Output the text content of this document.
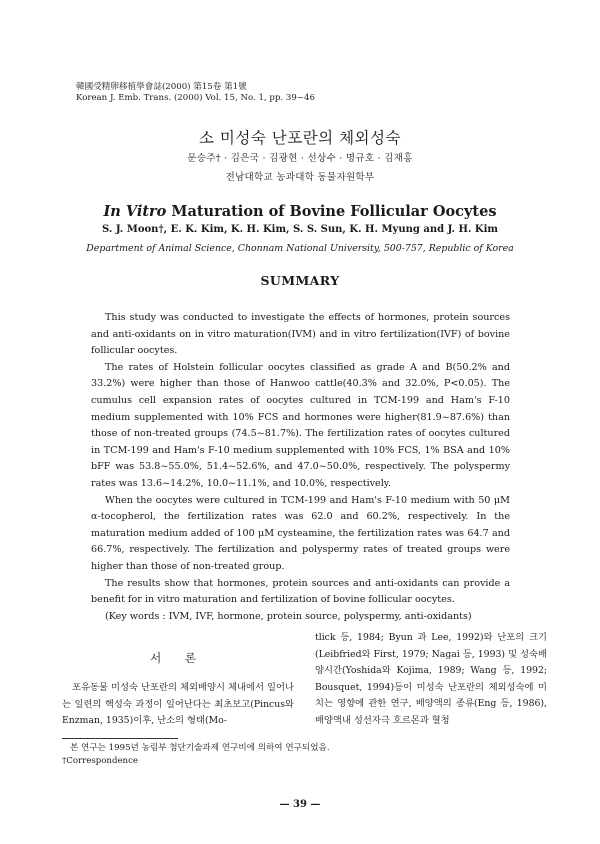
韓國受精卵移植學會誌(2000) 第15卷 第1號
Korean J. Emb. Trans. (2000) Vol. 15, No. 1, pp. 39~46
소 미성숙 난포란의 체외성숙
문승주† · 김은국 · 김광현 · 선상수 · 명규호 · 김재홍
전남대학교 농과대학 동물자원학부
In Vitro Maturation of Bovine Follicular Oocytes
S. J. Moon†, E. K. Kim, K. H. Kim, S. S. Sun, K. H. Myung and J. H. Kim
Department of Animal Science, Chonnam National University, 500-757, Republic of Korea
SUMMARY

This study was conducted to investigate the effects of hormones, protein sources and anti-oxidants on in vitro maturation(IVM) and in vitro fertilization(IVF) of bovine follicular oocytes.

The rates of Holstein follicular oocytes classified as grade A and B(50.2% and 33.2%) were higher than those of Hanwoo cattle(40.3% and 32.0%, P<0.05). The cumulus cell expansion rates of oocytes cultured in TCM-199 and Ham's F-10 medium supplemented with 10% FCS and hormones were higher(81.9~87.6%) than those of non-treated groups (74.5~81.7%). The fertilization rates of oocytes cultured in TCM-199 and Ham's F-10 medium supplemented with 10% FCS, 1% BSA and 10% bFF was 53.8~55.0%, 51.4~52.6%, and 47.0~50.0%, respectively. The polyspermy rates was 13.6~14.2%, 10.0~11.1%, and 10.0%, respectively.

When the oocytes were cultured in TCM-199 and Ham's F-10 medium with 50 μM α-tocopherol, the fertilization rates was 62.0 and 60.2%, respectively. In the maturation medium added of 100 μM cysteamine, the fertilization rates was 64.7 and 66.7%, respectively. The fertilization and polyspermy rates of treated groups were higher than those of non-treated group.

The results show that hormones, protein sources and anti-oxidants can provide a benefit for in vitro maturation and fertilization of bovine follicular oocytes.

(Key words : IVM, IVF, hormone, protein source, polyspermy, anti-oxidants)

서 론

포유동물 미성숙 난포란의 체외배양시 체내에서 일어나는 일련의 핵성숙 과정이 일어난다는 최초보고(Pincus와 Enzman, 1935)이후, 난소의 형태(Mo-

tlick 등, 1984; Byun 과 Lee, 1992)와 난포의 크기(Leibfried와 First, 1979; Nagai 등, 1993) 및 성숙배양시간(Yoshida와 Kojima, 1989; Wang 등, 1992; Bousquet, 1994)등이 미성숙 난포란의 체외성숙에 미치는 영향에 관한 연구, 배양액의 종류(Eng 등, 1986), 배양액내 성선자극 호르몬과 혈청

본 연구는 1995년 농림부 첨단기술과제 연구비에 의하여 연구되었음.
†Correspondence
— 39 —
